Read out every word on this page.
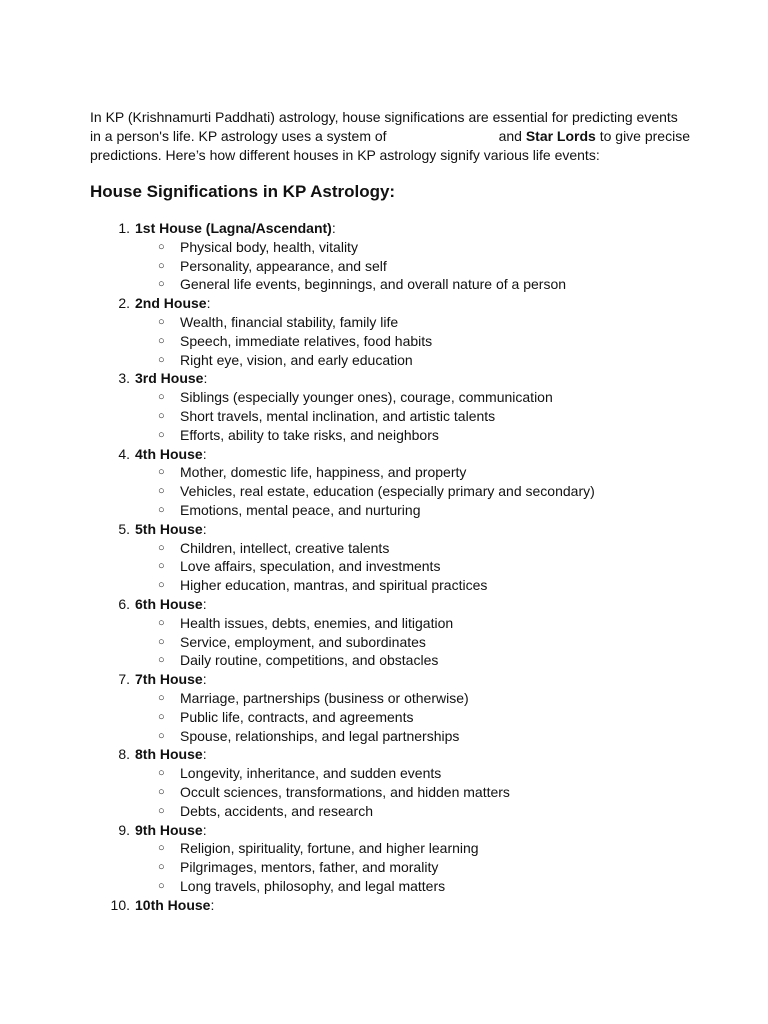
In KP (Krishnamurti Paddhati) astrology, house significations are essential for predicting events in a person's life. KP astrology uses a system of	and Star Lords to give precise predictions. Here’s how different houses in KP astrology signify various life events:

House Significations in KP Astrology:
1. 1st House (Lagna/Ascendant):
○ Physical body, health, vitality
○ Personality, appearance, and self
○ General life events, beginnings, and overall nature of a person
2. 2nd House:
○ Wealth, financial stability, family life
○ Speech, immediate relatives, food habits
○ Right eye, vision, and early education
3. 3rd House:
○ Siblings (especially younger ones), courage, communication
○ Short travels, mental inclination, and artistic talents
○ Efforts, ability to take risks, and neighbors
4. 4th House:
○ Mother, domestic life, happiness, and property
○ Vehicles, real estate, education (especially primary and secondary)
○ Emotions, mental peace, and nurturing
5. 5th House:
○ Children, intellect, creative talents
○ Love affairs, speculation, and investments
○ Higher education, mantras, and spiritual practices
6. 6th House:
○ Health issues, debts, enemies, and litigation
○ Service, employment, and subordinates
○ Daily routine, competitions, and obstacles
7. 7th House:
○ Marriage, partnerships (business or otherwise)
○ Public life, contracts, and agreements
○ Spouse, relationships, and legal partnerships
8. 8th House:
○ Longevity, inheritance, and sudden events
○ Occult sciences, transformations, and hidden matters
○ Debts, accidents, and research
9. 9th House:
○ Religion, spirituality, fortune, and higher learning
○ Pilgrimages, mentors, father, and morality
○ Long travels, philosophy, and legal matters
10. 10th House:
